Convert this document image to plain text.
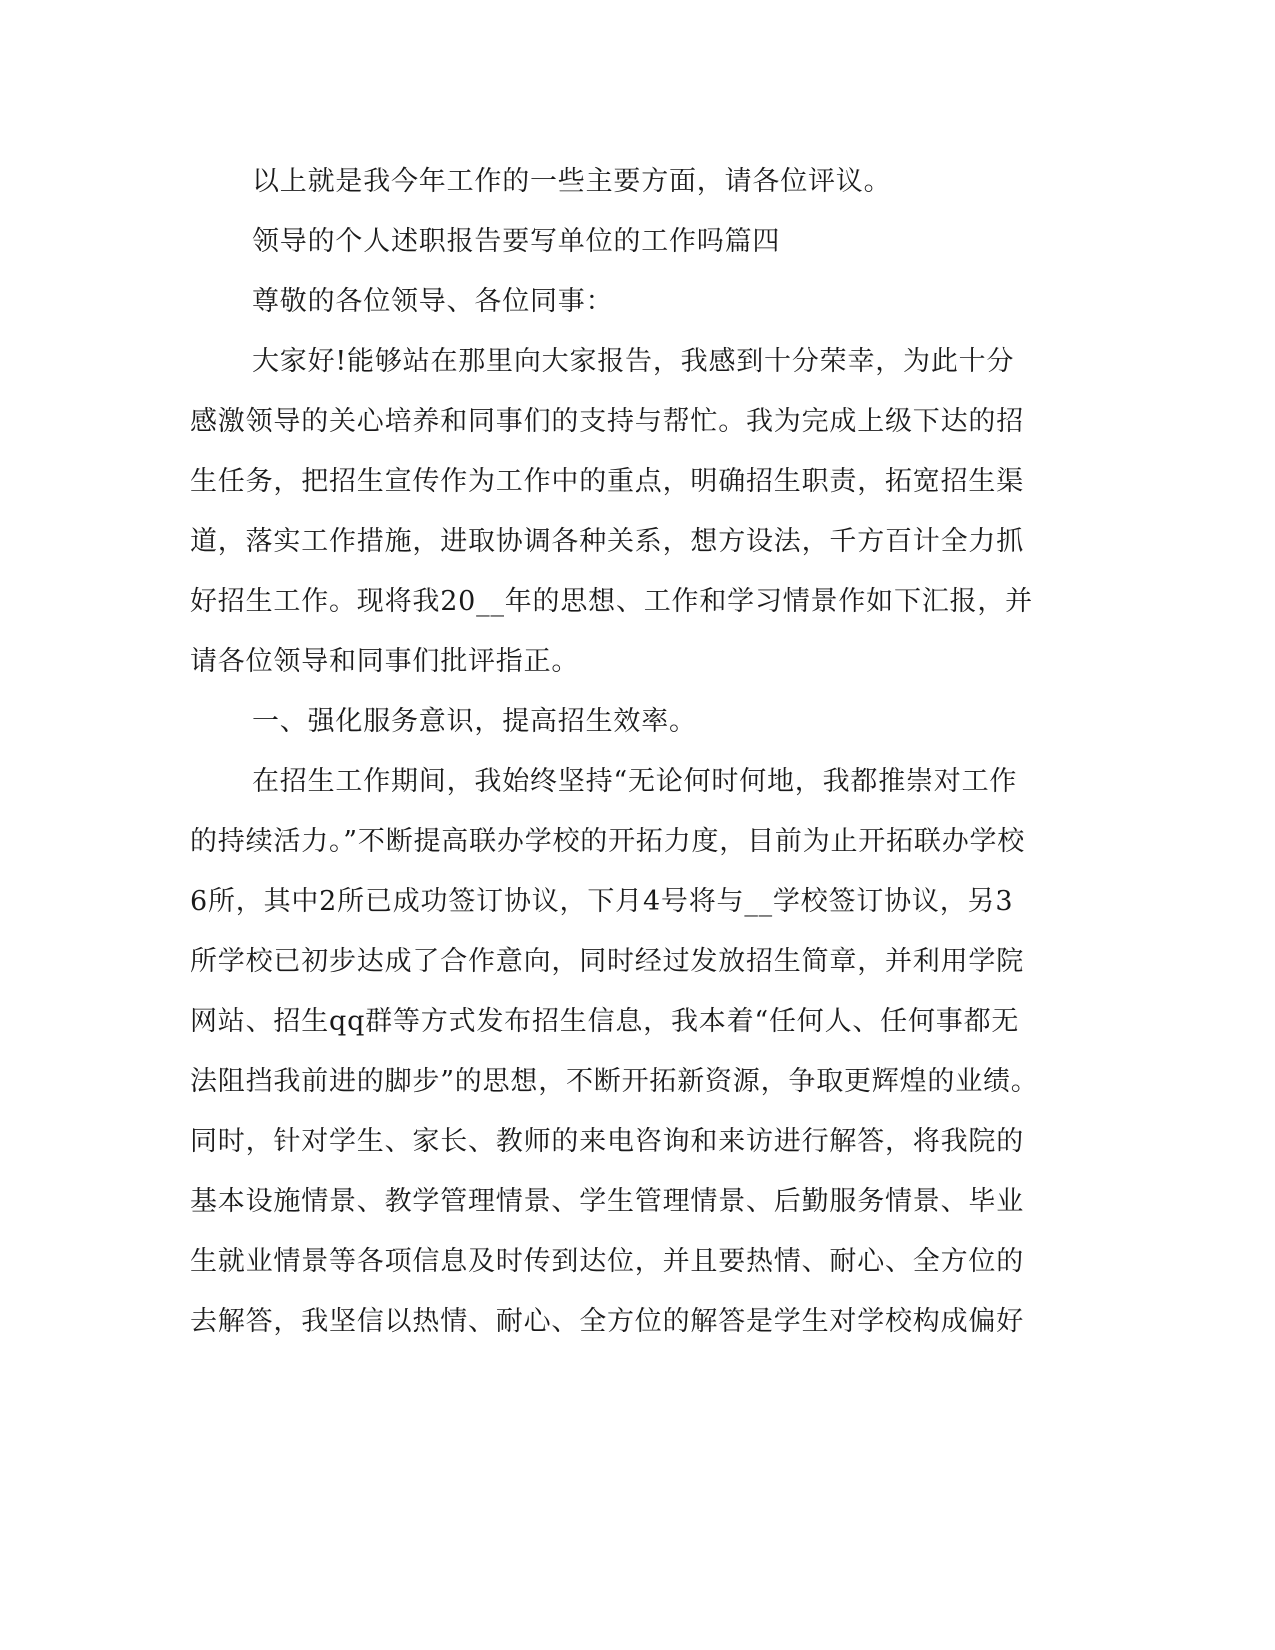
以上就是我今年工作的一些主要方面，请各位评议。
领导的个人述职报告要写单位的工作吗篇四
尊敬的各位领导、各位同事：
大家好!能够站在那里向大家报告，我感到十分荣幸，为此十分
感激领导的关心培养和同事们的支持与帮忙。我为完成上级下达的招
生任务，把招生宣传作为工作中的重点，明确招生职责，拓宽招生渠
道，落实工作措施，进取协调各种关系，想方设法，千方百计全力抓
好招生工作。现将我20__年的思想、工作和学习情景作如下汇报，并
请各位领导和同事们批评指正。
一、强化服务意识，提高招生效率。
在招生工作期间，我始终坚持“无论何时何地，我都推崇对工作
的持续活力。”不断提高联办学校的开拓力度，目前为止开拓联办学校
6所，其中2所已成功签订协议，下月4号将与__学校签订协议，另3
所学校已初步达成了合作意向，同时经过发放招生简章，并利用学院
网站、招生qq群等方式发布招生信息，我本着“任何人、任何事都无
法阻挡我前进的脚步”的思想，不断开拓新资源，争取更辉煌的业绩。
同时，针对学生、家长、教师的来电咨询和来访进行解答，将我院的
基本设施情景、教学管理情景、学生管理情景、后勤服务情景、毕业
生就业情景等各项信息及时传到达位，并且要热情、耐心、全方位的
去解答，我坚信以热情、耐心、全方位的解答是学生对学校构成偏好
